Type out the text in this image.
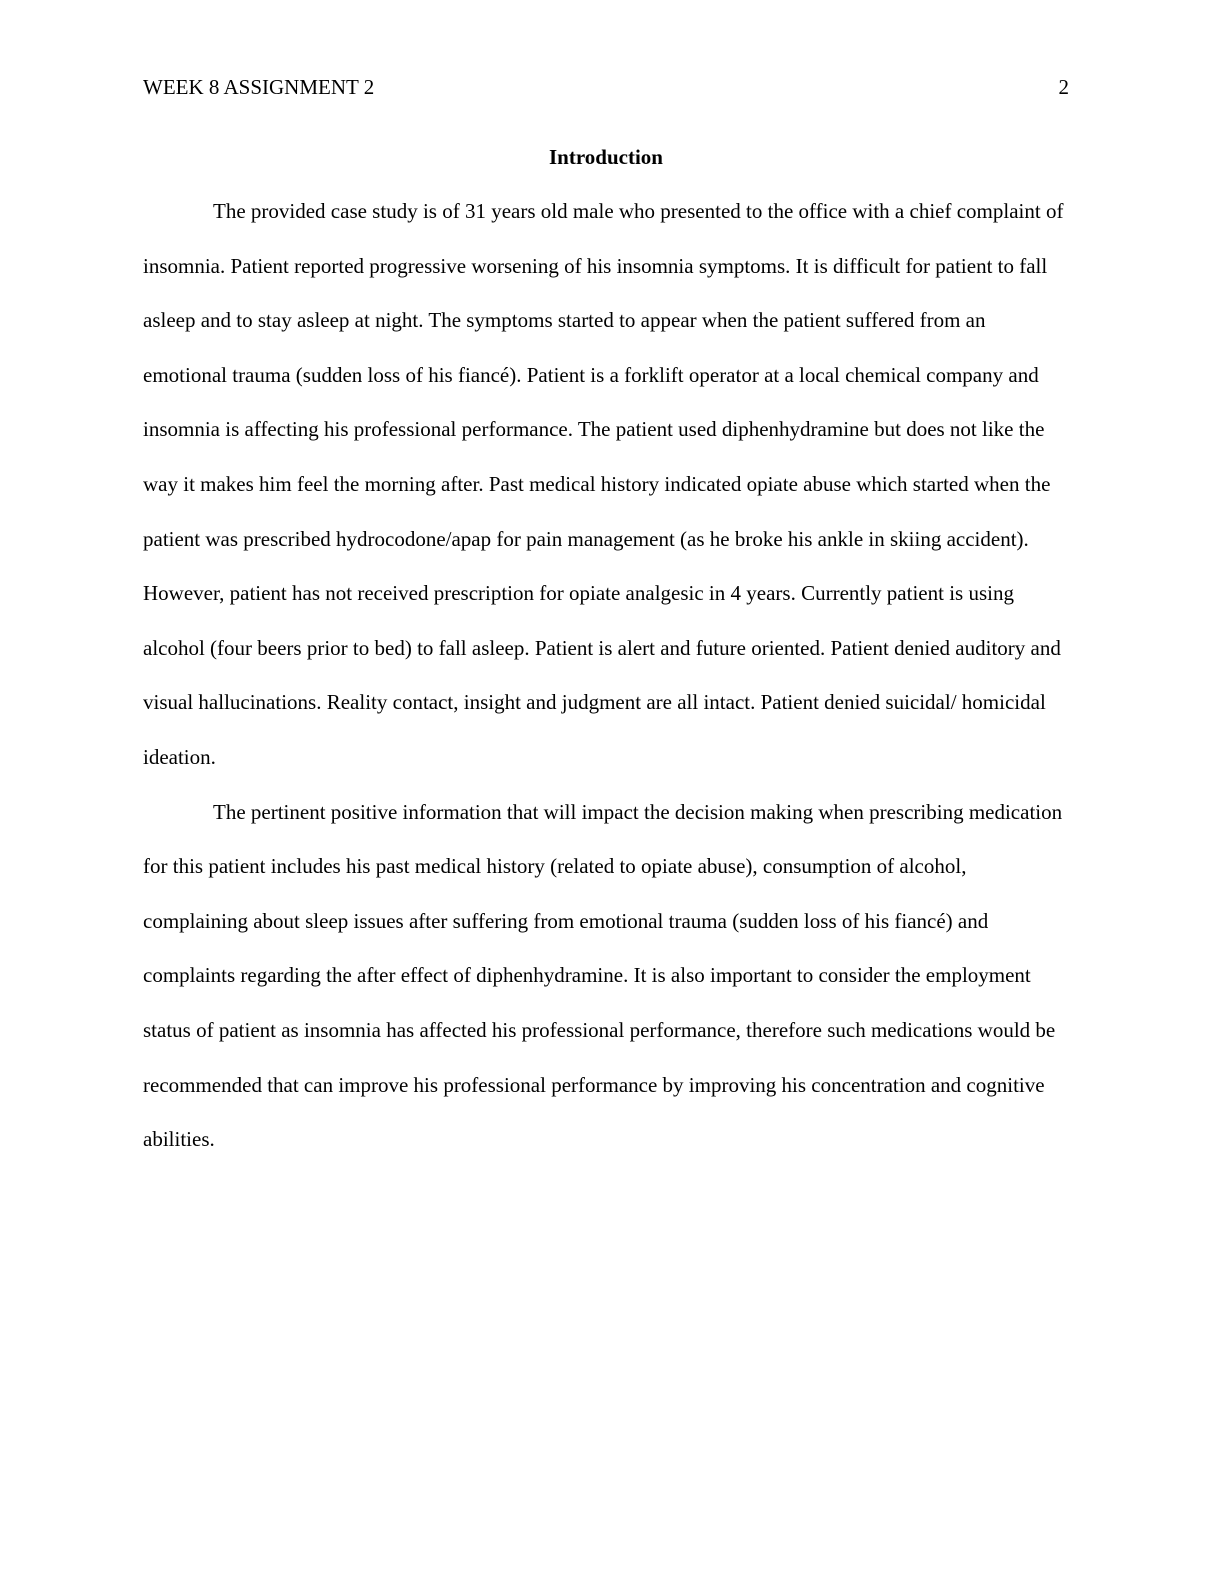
WEEK 8 ASSIGNMENT 2	2
Introduction

The provided case study is of 31 years old male who presented to the office with a chief complaint of insomnia. Patient reported progressive worsening of his insomnia symptoms. It is difficult for patient to fall asleep and to stay asleep at night. The symptoms started to appear when the patient suffered from an emotional trauma (sudden loss of his fiancé). Patient is a forklift operator at a local chemical company and insomnia is affecting his professional performance. The patient used diphenhydramine but does not like the way it makes him feel the morning after. Past medical history indicated opiate abuse which started when the patient was prescribed hydrocodone/apap for pain management (as he broke his ankle in skiing accident). However, patient has not received prescription for opiate analgesic in 4 years. Currently patient is using alcohol (four beers prior to bed) to fall asleep. Patient is alert and future oriented. Patient denied auditory and visual hallucinations. Reality contact, insight and judgment are all intact. Patient denied suicidal/ homicidal ideation.

The pertinent positive information that will impact the decision making when prescribing medication for this patient includes his past medical history (related to opiate abuse), consumption of alcohol, complaining about sleep issues after suffering from emotional trauma (sudden loss of his fiancé) and complaints regarding the after effect of diphenhydramine. It is also important to consider the employment status of patient as insomnia has affected his professional performance, therefore such medications would be recommended that can improve his professional performance by improving his concentration and cognitive abilities.
